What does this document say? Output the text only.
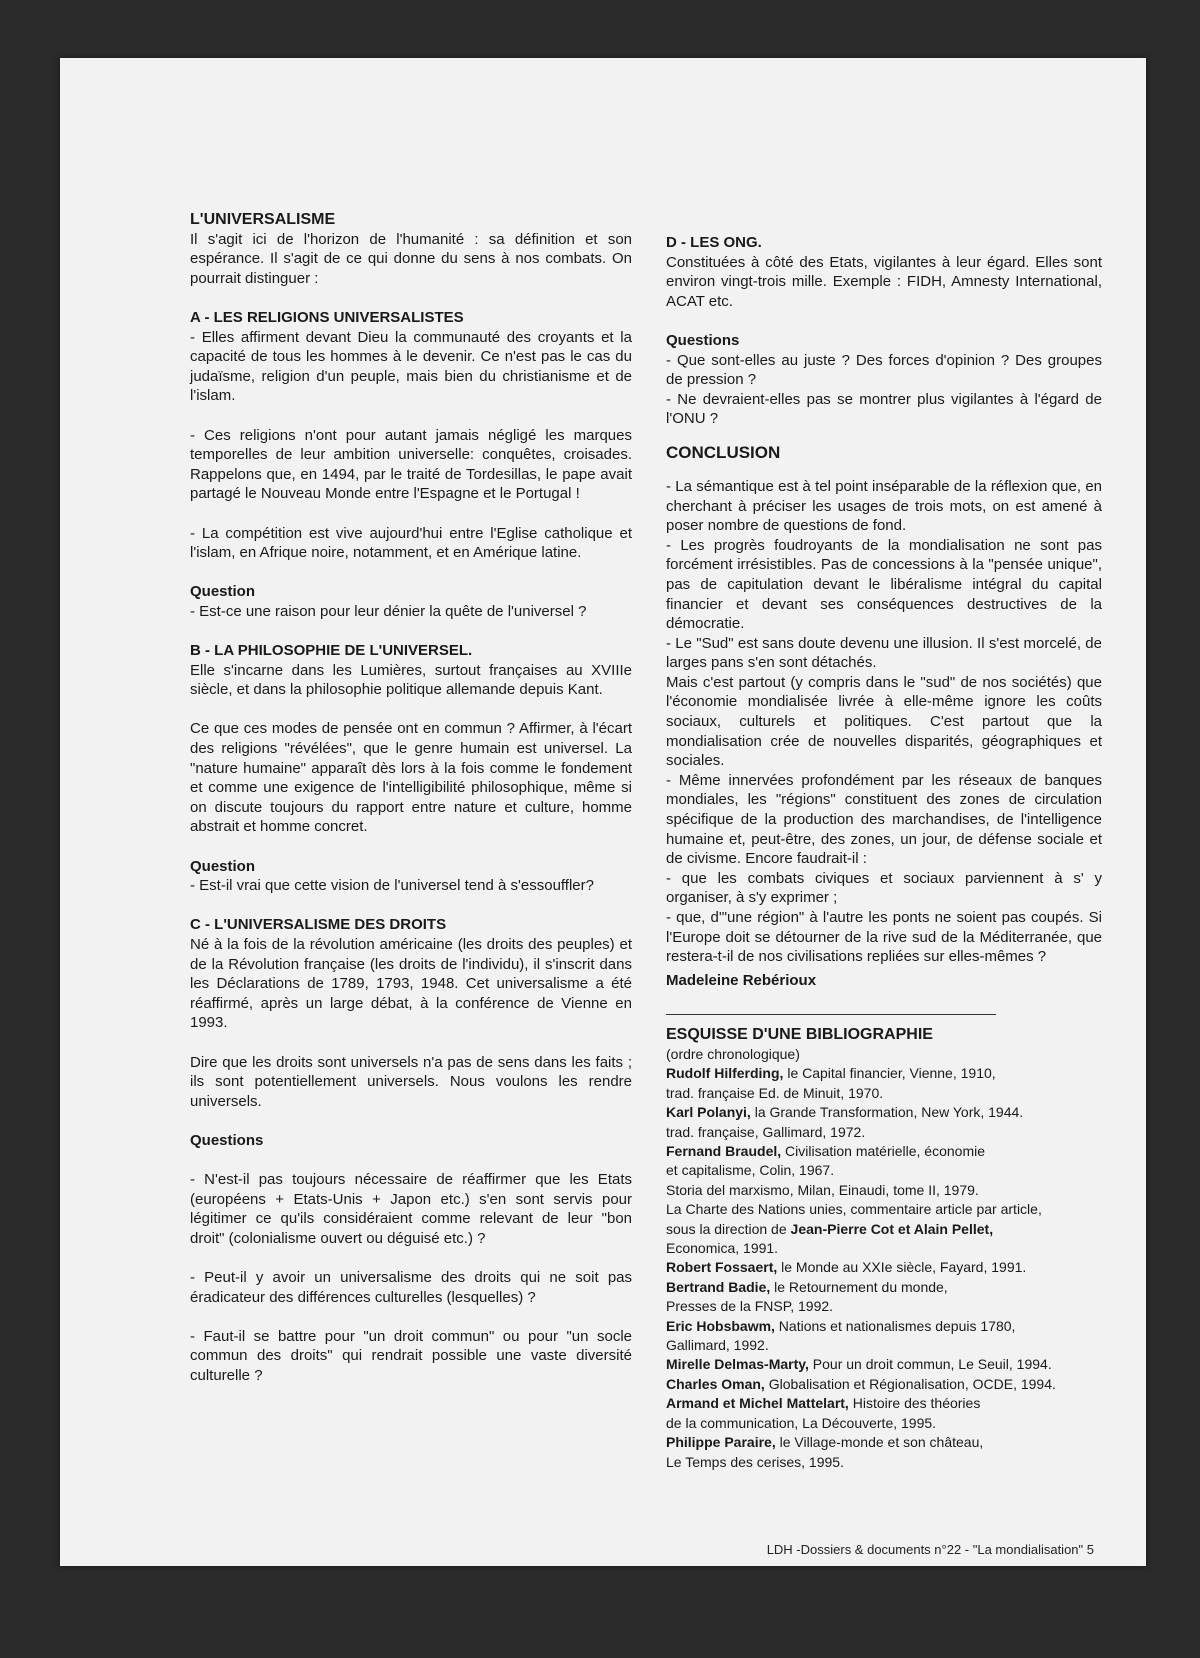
L'UNIVERSALISME

Il s'agit ici de l'horizon de l'humanité : sa définition et son espérance. Il s'agit de ce qui donne du sens à nos combats. On pourrait distinguer :

A - LES RELIGIONS UNIVERSALISTES

- Elles affirment devant Dieu la communauté des croyants et la capacité de tous les hommes à le devenir. Ce n'est pas le cas du judaïsme, religion d'un peuple, mais bien du christianisme et de l'islam.

- Ces religions n'ont pour autant jamais négligé les marques temporelles de leur ambition universelle: conquêtes, croisades. Rappelons que, en 1494, par le traité de Tordesillas, le pape avait partagé le Nouveau Monde entre l'Espagne et le Portugal !

- La compétition est vive aujourd'hui entre l'Eglise catholique et l'islam, en Afrique noire, notamment, et en Amérique latine.

Question

- Est-ce une raison pour leur dénier la quête de l'universel ?

B - LA PHILOSOPHIE DE L'UNIVERSEL.

Elle s'incarne dans les Lumières, surtout françaises au XVIIIe siècle, et dans la philosophie politique allemande depuis Kant.

Ce que ces modes de pensée ont en commun ? Affirmer, à l'écart des religions "révélées", que le genre humain est universel. La "nature humaine" apparaît dès lors à la fois comme le fondement et comme une exigence de l'intelligibilité philosophique, même si on discute toujours du rapport entre nature et culture, homme abstrait et homme concret.

Question

- Est-il vrai que cette vision de l'universel tend à s'essouffler?

C - L'UNIVERSALISME DES DROITS

Né à la fois de la révolution américaine (les droits des peuples) et de la Révolution française (les droits de l'individu), il s'inscrit dans les Déclarations de 1789, 1793, 1948. Cet universalisme a été réaffirmé, après un large débat, à la conférence de Vienne en 1993.

Dire que les droits sont universels n'a pas de sens dans les faits ; ils sont potentiellement universels. Nous voulons les rendre universels.

Questions

- N'est-il pas toujours nécessaire de réaffirmer que les Etats (européens + Etats-Unis + Japon etc.) s'en sont servis pour légitimer ce qu'ils considéraient comme relevant de leur "bon droit" (colonialisme ouvert ou déguisé etc.) ?

- Peut-il y avoir un universalisme des droits qui ne soit pas éradicateur des différences culturelles (lesquelles) ?

- Faut-il se battre pour "un droit commun" ou pour "un socle commun des droits" qui rendrait possible une vaste diversité culturelle ?

D - LES ONG.

Constituées à côté des Etats, vigilantes à leur égard. Elles sont environ vingt-trois mille. Exemple : FIDH, Amnesty International, ACAT etc.

Questions

- Que sont-elles au juste ? Des forces d'opinion ? Des groupes de pression ?

- Ne devraient-elles pas se montrer plus vigilantes à l'égard de l'ONU ?

CONCLUSION

- La sémantique est à tel point inséparable de la réflexion que, en cherchant à préciser les usages de trois mots, on est amené à poser nombre de questions de fond.

- Les progrès foudroyants de la mondialisation ne sont pas forcément irrésistibles. Pas de concessions à la "pensée unique", pas de capitulation devant le libéralisme intégral du capital financier et devant ses conséquences destructives de la démocratie.

- Le "Sud" est sans doute devenu une illusion. Il s'est morcelé, de larges pans s'en sont détachés.

Mais c'est partout (y compris dans le "sud" de nos sociétés) que l'économie mondialisée livrée à elle-même ignore les coûts sociaux, culturels et politiques. C'est partout que la mondialisation crée de nouvelles disparités, géographiques et sociales.

- Même innervées profondément par les réseaux de banques mondiales, les "régions" constituent des zones de circulation spécifique de la production des marchandises, de l'intelligence humaine et, peut-être, des zones, un jour, de défense sociale et de civisme. Encore faudrait-il :

- que les combats civiques et sociaux parviennent à s' y organiser, à s'y exprimer ;

- que, d'"une région" à l'autre les ponts ne soient pas coupés. Si l'Europe doit se détourner de la rive sud de la Méditerranée, que restera-t-il de nos civilisations repliées sur elles-mêmes ?

Madeleine Rebérioux

ESQUISSE D'UNE BIBLIOGRAPHIE

(ordre chronologique)

Rudolf Hilferding, le Capital financier, Vienne, 1910,

trad. française Ed. de Minuit, 1970.

Karl Polanyi, la Grande Transformation, New York, 1944.

trad. française, Gallimard, 1972.

Fernand Braudel, Civilisation matérielle, économie

et capitalisme, Colin, 1967.

Storia del marxismo, Milan, Einaudi, tome II, 1979.

La Charte des Nations unies, commentaire article par article,

sous la direction de Jean-Pierre Cot et Alain Pellet,

Economica, 1991.

Robert Fossaert, le Monde au XXIe siècle, Fayard, 1991.

Bertrand Badie, le Retournement du monde,

Presses de la FNSP, 1992.

Eric Hobsbawm, Nations et nationalismes depuis 1780,

Gallimard, 1992.

Mirelle Delmas-Marty, Pour un droit commun, Le Seuil, 1994.

Charles Oman, Globalisation et Régionalisation, OCDE, 1994.

Armand et Michel Mattelart, Histoire des théories

de la communication, La Découverte, 1995.

Philippe Paraire, le Village-monde et son château,

Le Temps des cerises, 1995.

LDH -Dossiers & documents n°22 - "La mondialisation" 5
